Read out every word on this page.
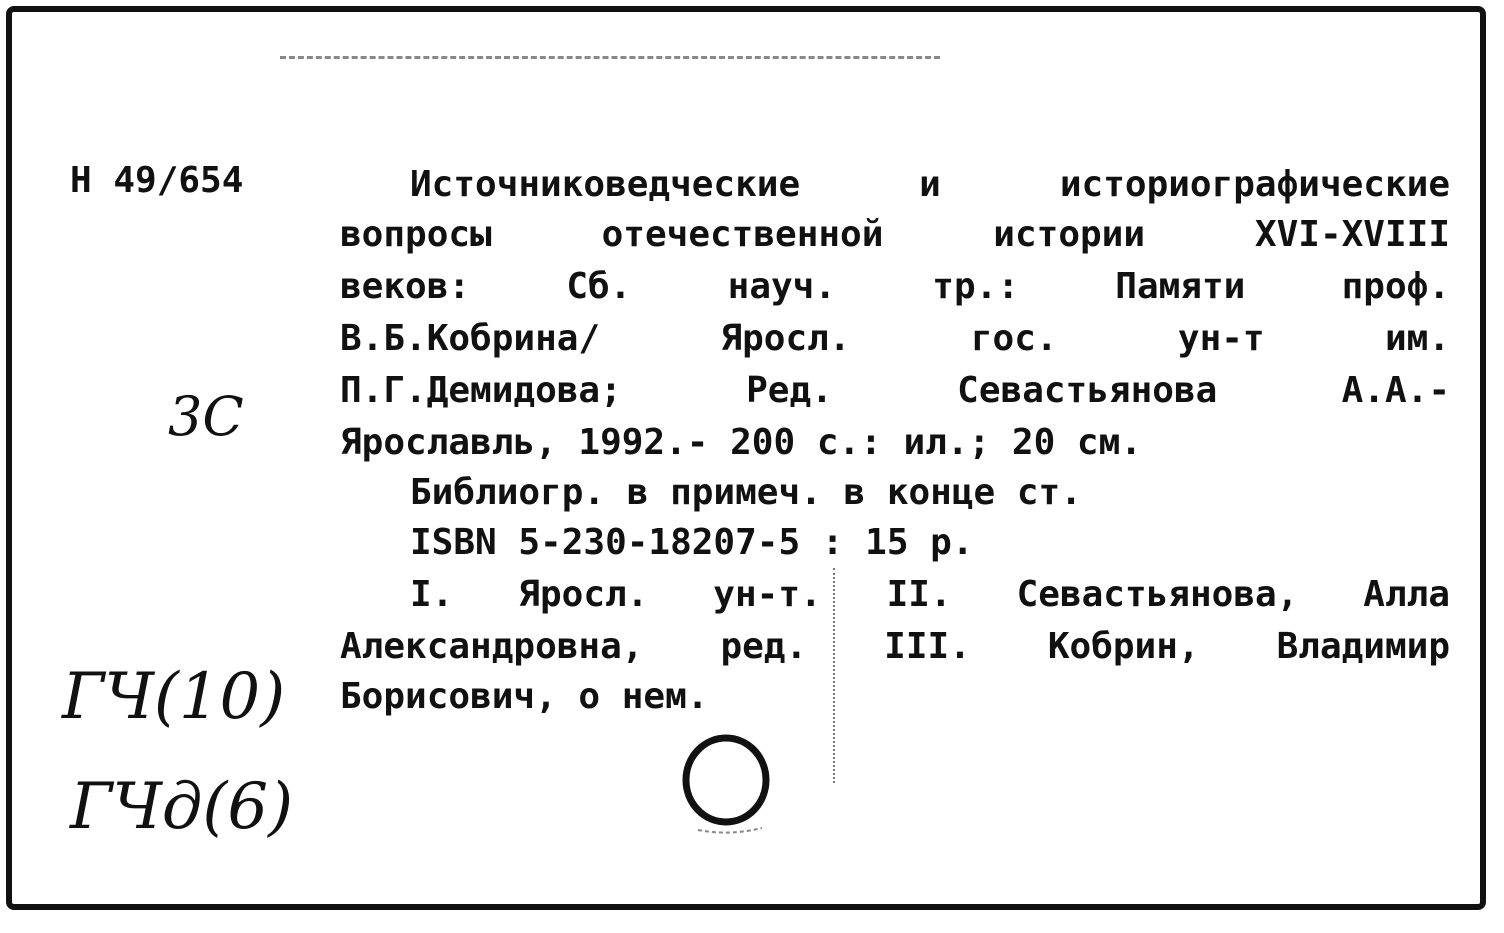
Н 49/654	Источниковедческие и историографические
вопросы отечественной истории XVI-XVIII
веков: Сб. науч. тр.: Памяти проф.
В.Б.Кобрина/ Яросл. гос. ун-т им.
П.Г.Демидова; Ред. Севастьянова А.А.-
Ярославль, 1992.- 200 с.: ил.; 20 см.
Библиогр. в примеч. в конце ст.
ISBN 5-230-18207-5 : 15 р.
I. Яросл. ун-т. II. Севастьянова, Алла
Александровна, ред. III. Кобрин, Владимир
Борисович, о нем.
3С
ГЧ(10)
ГЧд(6)
